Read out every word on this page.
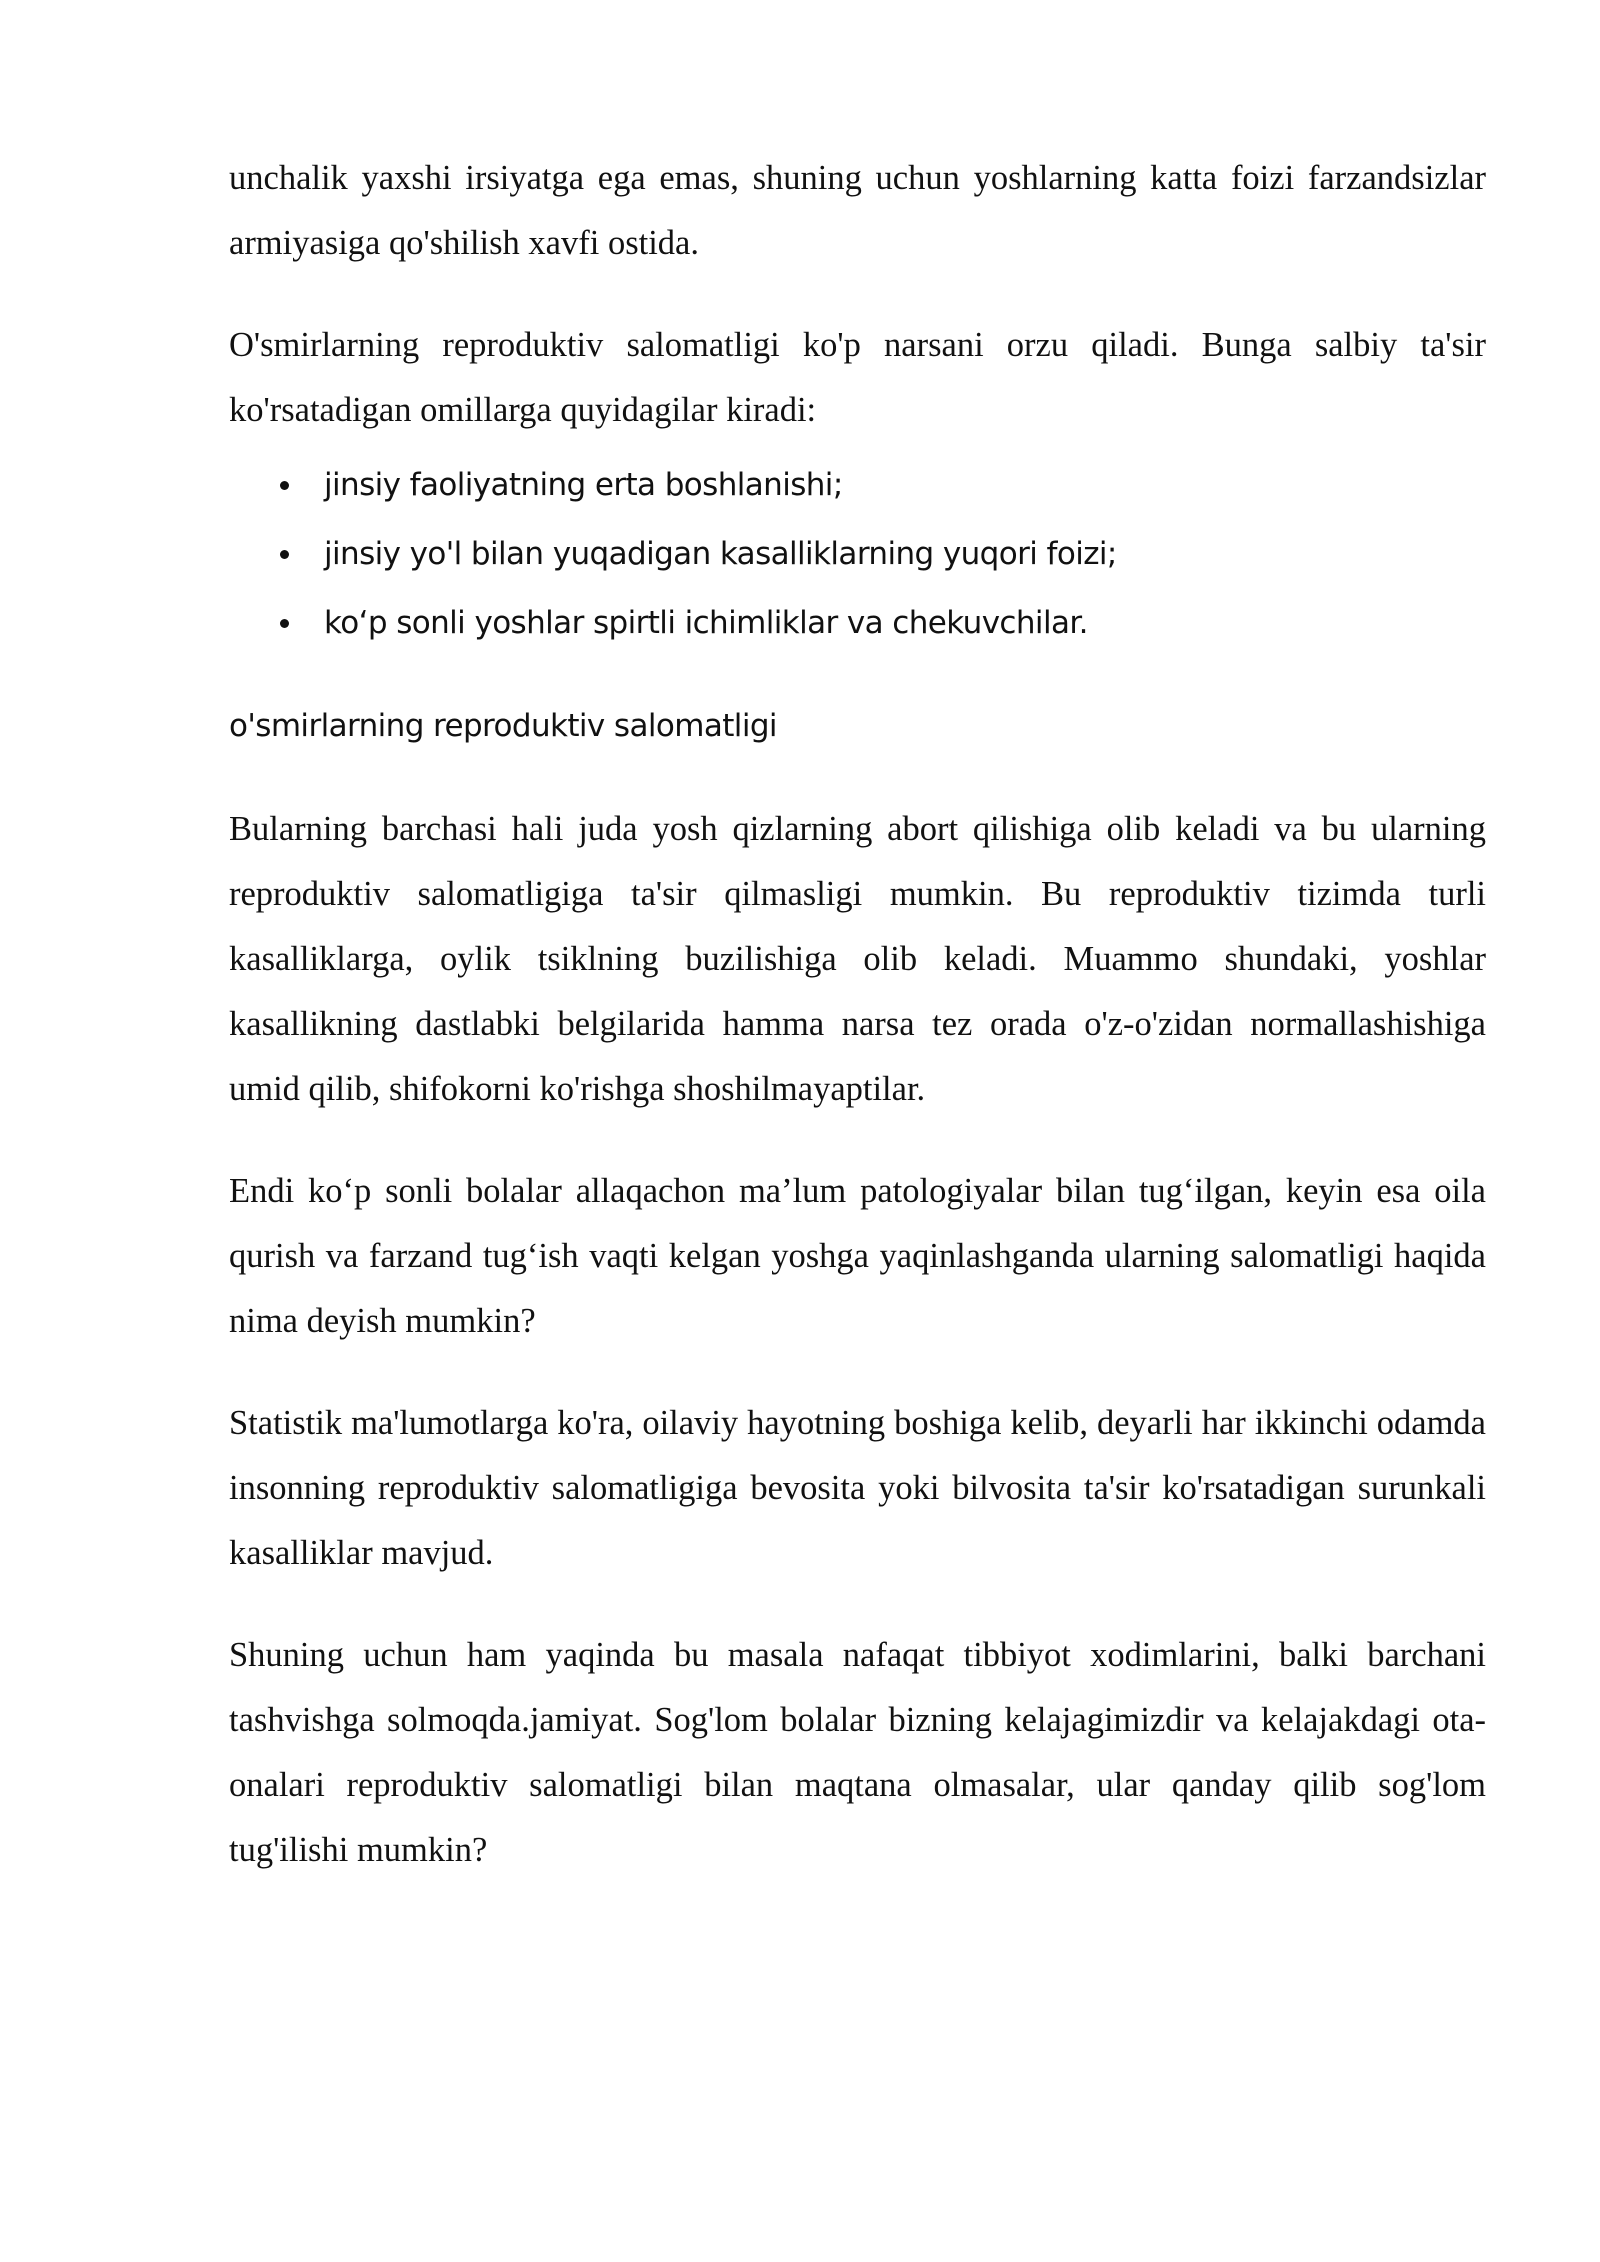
unchalik yaxshi irsiyatga ega emas, shuning uchun yoshlarning katta foizi farzandsizlar armiyasiga qo'shilish xavfi ostida.

O'smirlarning reproduktiv salomatligi ko'p narsani orzu qiladi. Bunga salbiy ta'sir ko'rsatadigan omillarga quyidagilar kiradi:

jinsiy faoliyatning erta boshlanishi;
jinsiy yo'l bilan yuqadigan kasalliklarning yuqori foizi;
ko‘p sonli yoshlar spirtli ichimliklar va chekuvchilar.
o'smirlarning reproduktiv salomatligi

Bularning barchasi hali juda yosh qizlarning abort qilishiga olib keladi va bu ularning reproduktiv salomatligiga ta'sir qilmasligi mumkin. Bu reproduktiv tizimda turli kasalliklarga, oylik tsiklning buzilishiga olib keladi. Muammo shundaki, yoshlar kasallikning dastlabki belgilarida hamma narsa tez orada o'z-o'zidan normallashishiga umid qilib, shifokorni ko'rishga shoshilmayaptilar.

Endi ko‘p sonli bolalar allaqachon ma’lum patologiyalar bilan tug‘ilgan, keyin esa oila qurish va farzand tug‘ish vaqti kelgan yoshga yaqinlashganda ularning salomatligi haqida nima deyish mumkin?

Statistik ma'lumotlarga ko'ra, oilaviy hayotning boshiga kelib, deyarli har ikkinchi odamda insonning reproduktiv salomatligiga bevosita yoki bilvosita ta'sir ko'rsatadigan surunkali kasalliklar mavjud.

Shuning uchun ham yaqinda bu masala nafaqat tibbiyot xodimlarini, balki barchani tashvishga solmoqda.jamiyat. Sog'lom bolalar bizning kelajagimizdir va kelajakdagi ota-onalari reproduktiv salomatligi bilan maqtana olmasalar, ular qanday qilib sog'lom tug'ilishi mumkin?
